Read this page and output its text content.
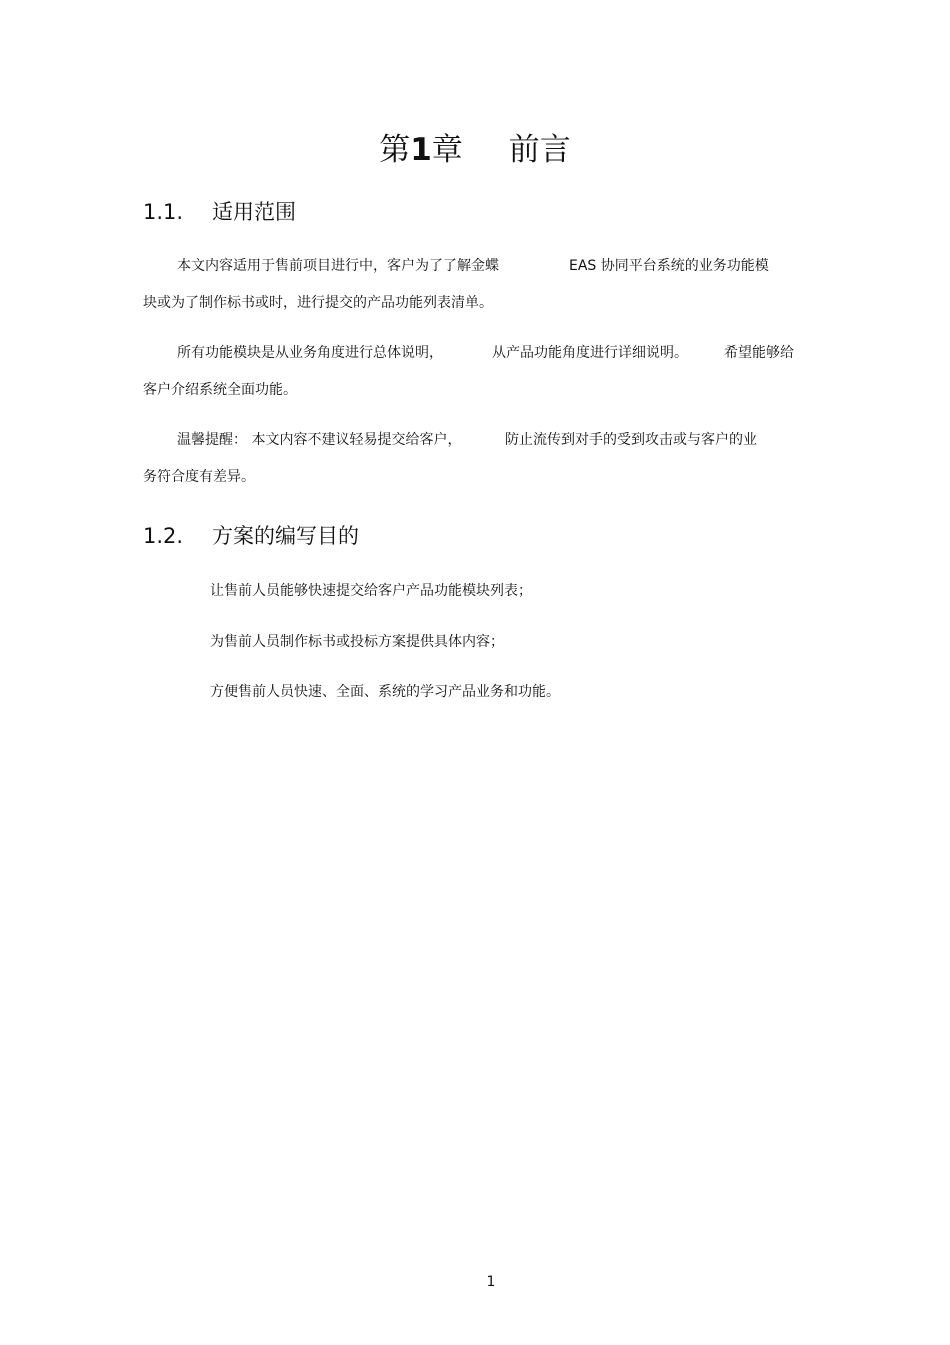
第1章 前言
1.1. 适用范围
本文内容适用于售前项目进行中，客户为了了解金蝶	EAS 协同平台系统的业务功能模
块或为了制作标书或时，进行提交的产品功能列表清单。
所有功能模块是从业务角度进行总体说明，	从产品功能角度进行详细说明。	希望能够给
客户介绍系统全面功能。
温馨提醒： 本文内容不建议轻易提交给客户，	防止流传到对手的受到攻击或与客户的业
务符合度有差异。
1.2. 方案的编写目的
让售前人员能够快速提交给客户产品功能模块列表；
为售前人员制作标书或投标方案提供具体内容；
方便售前人员快速、全面、系统的学习产品业务和功能。
1
